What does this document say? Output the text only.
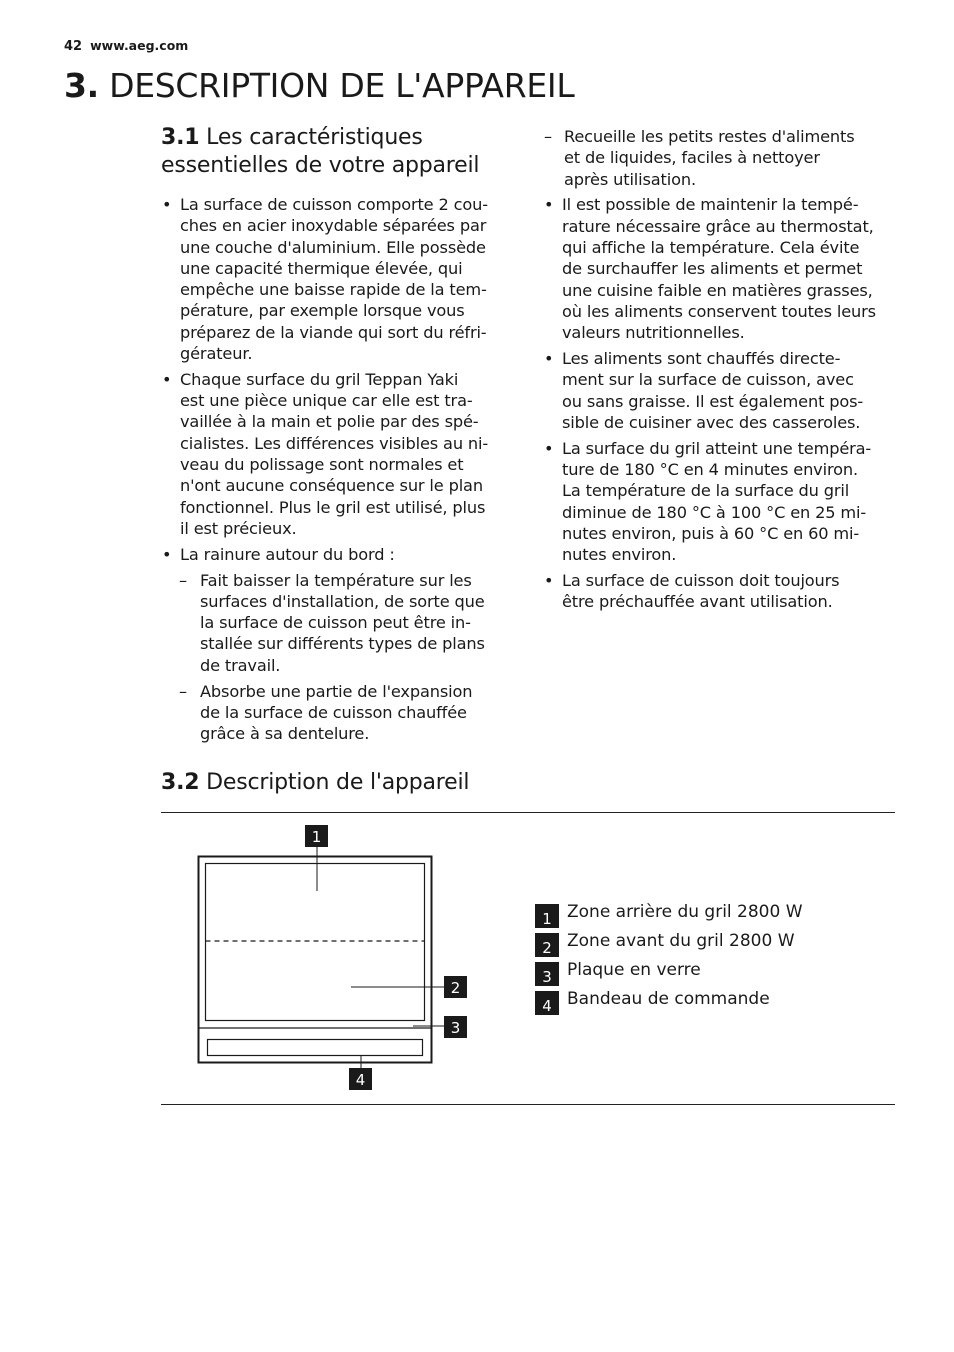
42 www.aeg.com
3. DESCRIPTION DE L'APPAREIL
3.1 Les caractéristiques
essentielles de votre appareil
• La surface de cuisson comporte 2 cou-
ches en acier inoxydable séparées par
une couche d'aluminium. Elle possède
une capacité thermique élevée, qui
empêche une baisse rapide de la tem-
pérature, par exemple lorsque vous
préparez de la viande qui sort du réfri-
gérateur.
• Chaque surface du gril Teppan Yaki
est une pièce unique car elle est tra-
vaillée à la main et polie par des spé-
cialistes. Les différences visibles au ni-
veau du polissage sont normales et
n'ont aucune conséquence sur le plan
fonctionnel. Plus le gril est utilisé, plus
il est précieux.
• La rainure autour du bord :
– Fait baisser la température sur les
surfaces d'installation, de sorte que
la surface de cuisson peut être in-
stallée sur différents types de plans
de travail.
– Absorbe une partie de l'expansion
de la surface de cuisson chauffée
grâce à sa dentelure.
– Recueille les petits restes d'aliments
et de liquides, faciles à nettoyer
après utilisation.
• Il est possible de maintenir la tempé-
rature nécessaire grâce au thermostat,
qui affiche la température. Cela évite
de surchauffer les aliments et permet
une cuisine faible en matières grasses,
où les aliments conservent toutes leurs
valeurs nutritionnelles.
• Les aliments sont chauffés directe-
ment sur la surface de cuisson, avec
ou sans graisse. Il est également pos-
sible de cuisiner avec des casseroles.
• La surface du gril atteint une tempéra-
ture de 180 °C en 4 minutes environ.
La température de la surface du gril
diminue de 180 °C à 100 °C en 25 mi-
nutes environ, puis à 60 °C en 60 mi-
nutes environ.
• La surface de cuisson doit toujours
être préchauffée avant utilisation.
3.2 Description de l'appareil
1
2
3
4
1 Zone arrière du gril 2800 W
2 Zone avant du gril 2800 W
3 Plaque en verre
4 Bandeau de commande
